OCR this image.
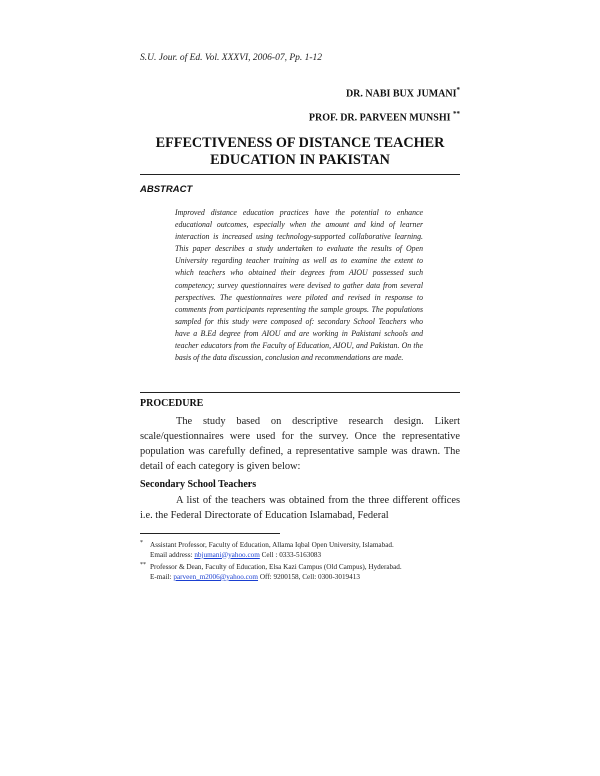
S.U. Jour. of Ed. Vol. XXXVI, 2006-07, Pp. 1-12
DR. NABI BUX JUMANI*
PROF. DR. PARVEEN MUNSHI **
EFFECTIVENESS OF DISTANCE TEACHER
EDUCATION IN PAKISTAN
ABSTRACT
Improved distance education practices have the potential to enhance educational outcomes, especially when the amount and kind of learner interaction is increased using technology-supported collaborative learning. This paper describes a study undertaken to evaluate the results of Open University regarding teacher training as well as to examine the extent to which teachers who obtained their degrees from AIOU possessed such competency; survey questionnaires were devised to gather data from several perspectives. The questionnaires were piloted and revised in response to comments from participants representing the sample groups. The populations sampled for this study were composed of: secondary School Teachers who have a B.Ed degree from AIOU and are working in Pakistani schools and teacher educators from the Faculty of Education, AIOU, and Pakistan. On the basis of the data discussion, conclusion and recommendations are made.
PROCEDURE
The study based on descriptive research design. Likert scale/questionnaires were used for the survey. Once the representative population was carefully defined, a representative sample was drawn. The detail of each category is given below:
Secondary School Teachers
A list of the teachers was obtained from the three different offices i.e. the Federal Directorate of Education Islamabad, Federal
* Assistant Professor, Faculty of Education, Allama Iqbal Open University, Islamabad.
Email address: nbjumani@yahoo.com Cell : 0333-5163083
** Professor & Dean, Faculty of Education, Elsa Kazi Campus (Old Campus), Hyderabad.
E-mail: parveen_m2006@yahoo.com Off: 9200158, Cell: 0300-3019413
